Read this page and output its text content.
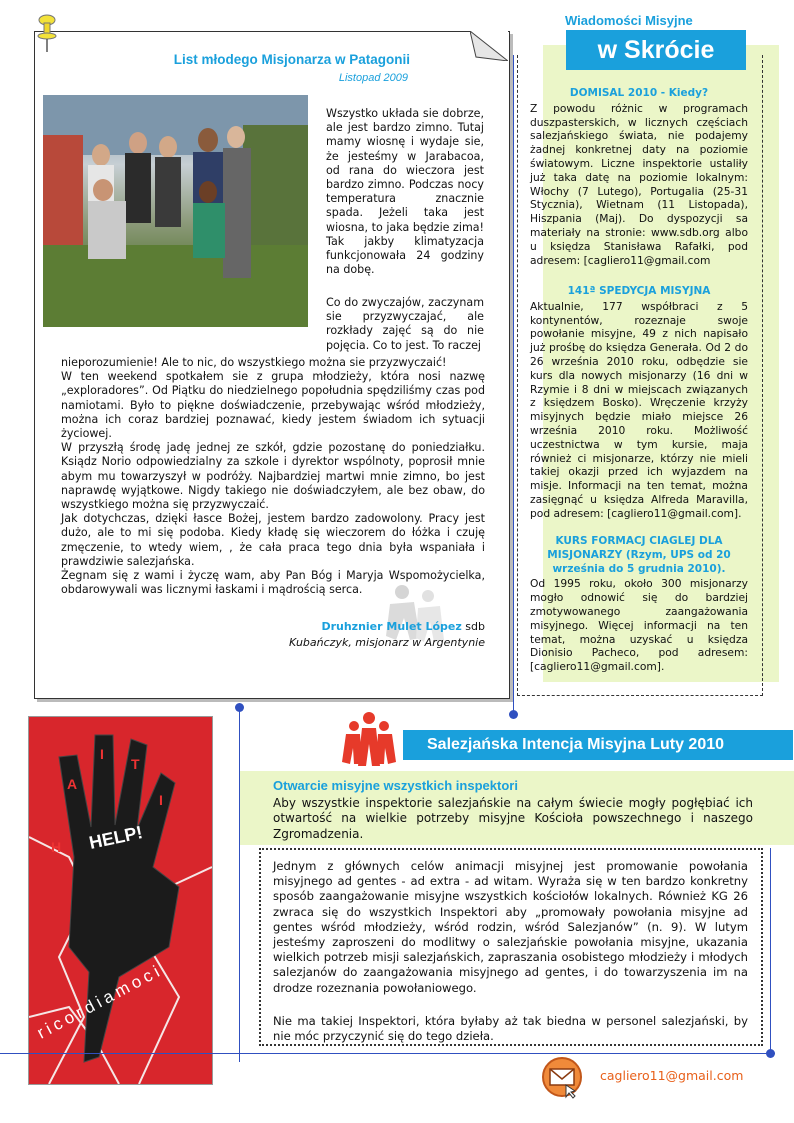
List młodego Misjonarza w Patagonii
Listopad 2009
Wszystko układa sie dobrze, ale jest bardzo zimno. Tutaj mamy wiosnę i wydaje sie, że jesteśmy w Jarabacoa, od rana do wieczora jest bardzo zimno. Podczas nocy temperatura znacznie spada. Jeżeli taka jest wiosna, to jaka będzie zima! Tak jakby klimatyzacja funkcjonowała 24 godziny na dobę.
Co do zwyczajów, zaczynam sie przyzwyczajać, ale rozkłady zajęć są do nie pojęcia. Co to jest. To raczej

nieporozumienie! Ale to nic, do wszystkiego można sie przyzwyczaić!

W ten weekend spotkałem sie z grupa młodzieży, która nosi nazwę „exploradores”. Od Piątku do niedzielnego popołudnia spędziliśmy czas pod namiotami. Było to piękne doświadczenie, przebywając wśród młodzieży, można ich coraz bardziej poznawać, kiedy jestem świadom ich sytuacji życiowej.

W przyszłą środę jadę jednej ze szkół, gdzie pozostanę do poniedziałku. Ksiądz Norio odpowiedzialny za szkole i dyrektor wspólnoty, poprosił mnie abym mu towarzyszył w podróży. Najbardziej martwi mnie zimno, bo jest naprawdę wyjątkowe. Nigdy takiego nie doświadczyłem, ale bez obaw, do wszystkiego można się przyzwyczaić.

Jak dotychczas, dzięki łasce Bożej, jestem bardzo zadowolony. Pracy jest dużo, ale to mi się podoba. Kiedy kładę się wieczorem do łóżka i czuję zmęczenie, to wtedy wiem, , że cała praca tego dnia była wspaniała i prawdziwie salezjańska.

Żegnam się z wami i życzę wam, aby Pan Bóg i Maryja Wspomożycielka, obdarowywali was licznymi łaskami i mądrością serca.

Druhznier Mulet López sdb
Kubańczyk, misjonarz w Argentynie
Wiadomości Misyjne
w Skrócie
DOMISAL 2010 - Kiedy?
Z powodu różnic w programach duszpasterskich, w licznych częściach salezjańskiego świata, nie podajemy żadnej konkretnej daty na poziomie światowym. Liczne inspektorie ustaliły już taka datę na poziomie lokalnym: Włochy (7 Lutego), Portugalia (25-31 Stycznia), Wietnam (11 Listopada), Hiszpania (Maj). Do dyspozycji sa materiały na stronie: www.sdb.org albo u księdza Stanisława Rafałki, pod adresem: [cagliero11@gmail.com
141ª SPEDYCJA MISYJNA
Aktualnie, 177 współbraci z 5 kontynentów, rozeznaje swoje powołanie misyjne, 49 z nich napisało już prośbę do księdza Generała. Od 2 do 26 września 2010 roku, odbędzie sie kurs dla nowych misjonarzy (16 dni w Rzymie i 8 dni w miejscach związanych z księdzem Bosko). Wręczenie krzyży misyjnych będzie miało miejsce 26 września 2010 roku. Możliwość uczestnictwa w tym kursie, maja również ci misjonarze, którzy nie mieli takiej okazji przed ich wyjazdem na misje. Informacji na ten temat, można zasięgnąć u księdza Alfreda Maravilla, pod adresem: [cagliero11@gmail.com].
KURS FORMACJ CIAGLEJ DLA MISJONARZY (Rzym, UPS od 20 września do 5 grudnia 2010).
Od 1995 roku, około 300 misjonarzy mogło odnowić się do bardziej zmotywowanego zaangażowania misyjnego. Więcej informacji na ten temat, można uzyskać u księdza Dionisio Pacheco, pod adresem: [cagliero11@gmail.com].
H
A
I
T
I
HELP!
ricordiamoci
Salezjańska Intencja Misyjna Luty 2010
Otwarcie misyjne wszystkich inspektori
Aby wszystkie inspektorie salezjańskie na całym świecie mogły pogłębiać ich otwartość na wielkie potrzeby misyjne Kościoła powszechnego i naszego Zgromadzenia.
Jednym z głównych celów animacji misyjnej jest promowanie powołania misyjnego ad gentes - ad extra - ad witam. Wyraża się w ten bardzo konkretny sposób zaangażowanie misyjne wszystkich kościołów lokalnych. Również KG 26 zwraca się do wszystkich Inspektori aby „promowały powołania misyjne ad gentes wśród młodzieży, wśród rodzin, wśród Salezjanów” (n. 9). W lutym jesteśmy zaproszeni do modlitwy o salezjańskie powołania misyjne, ukazania wielkich potrzeb misji salezjańskich, zapraszania osobistego młodzieży i młodych salezjanów do zaangażowania misyjnego ad gentes, i do towarzyszenia im na drodze rozeznania powołaniowego.
Nie ma takiej Inspektori, która byłaby aż tak biedna w personel salezjański, by nie móc przyczynić się do tego dzieła.
cagliero11@gmail.com
